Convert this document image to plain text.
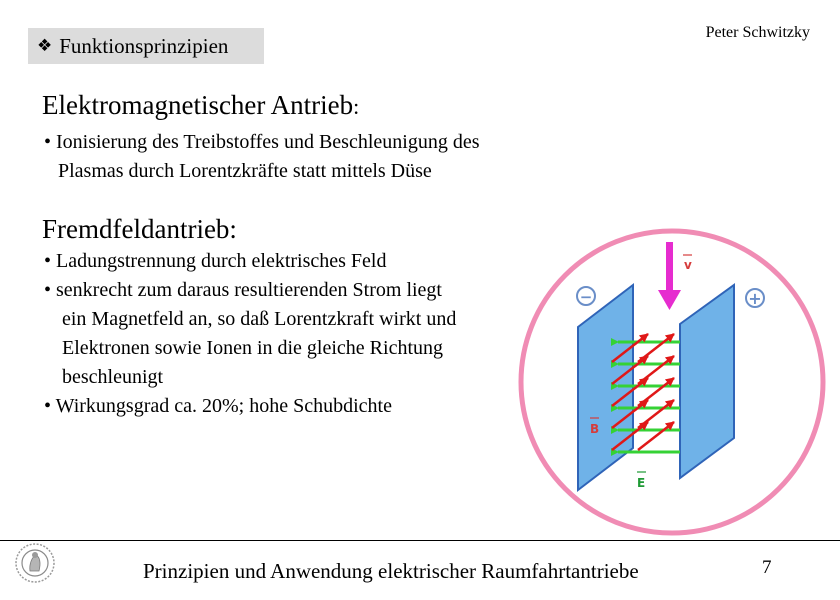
❖ Funktionsprinzipien
Peter Schwitzky
Elektromagnetischer Antrieb:
• Ionisierung des Treibstoffes und Beschleunigung des
Plasmas durch Lorentzkräfte statt mittels Düse
Fremdfeldantrieb:
• Ladungstrennung durch elektrisches Feld
• senkrecht zum daraus resultierenden Strom liegt
ein Magnetfeld an, so daß Lorentzkraft wirkt und
Elektronen sowie Ionen in die gleiche Richtung
beschleunigt
• Wirkungsgrad ca. 20%; hohe Schubdichte
−	+
v
B
E
Prinzipien und Anwendung elektrischer Raumfahrtantriebe	7
